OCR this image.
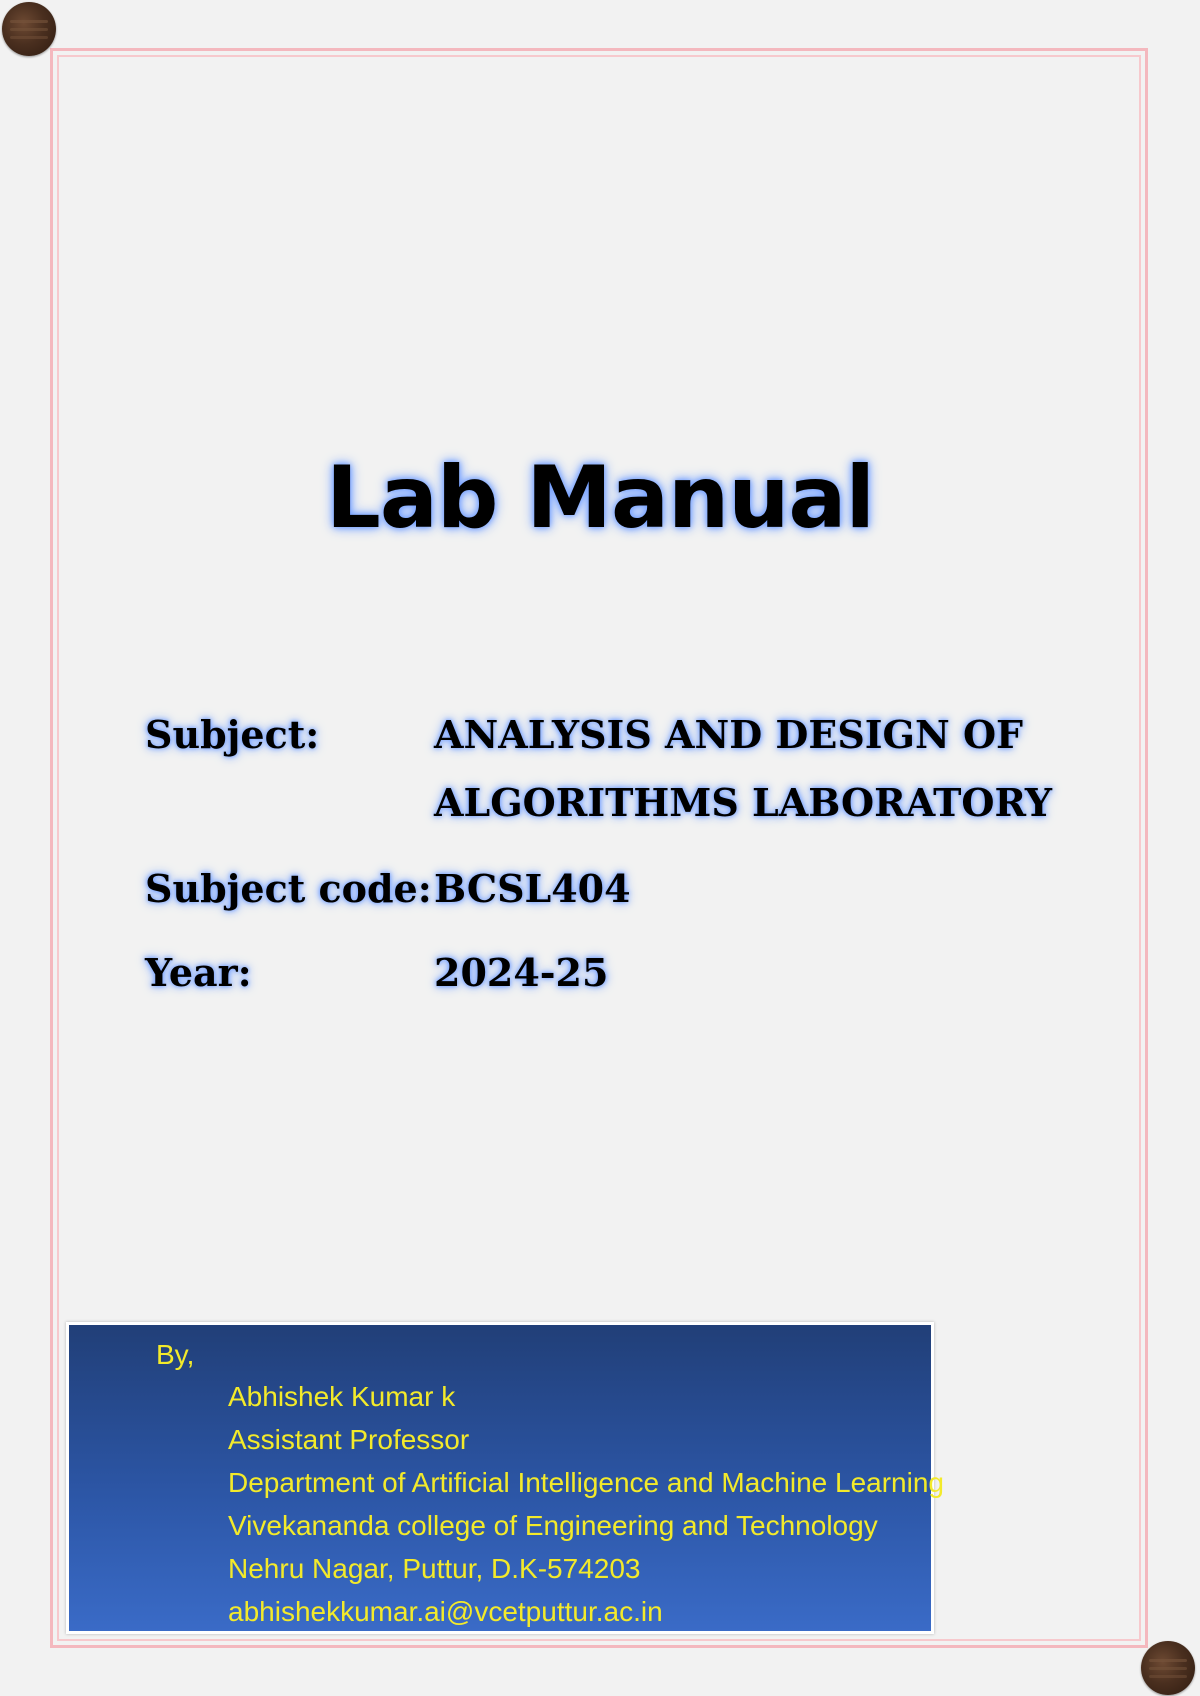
Lab Manual
Subject:	ANALYSIS AND DESIGN OF
ALGORITHMS LABORATORY
Subject code: BCSL404
Year:	2024-25
By,
Abhishek Kumar k
Assistant Professor
Department of Artificial Intelligence and Machine Learning
Vivekananda college of Engineering and Technology
Nehru Nagar, Puttur, D.K-574203
abhishekkumar.ai@vcetputtur.ac.in
